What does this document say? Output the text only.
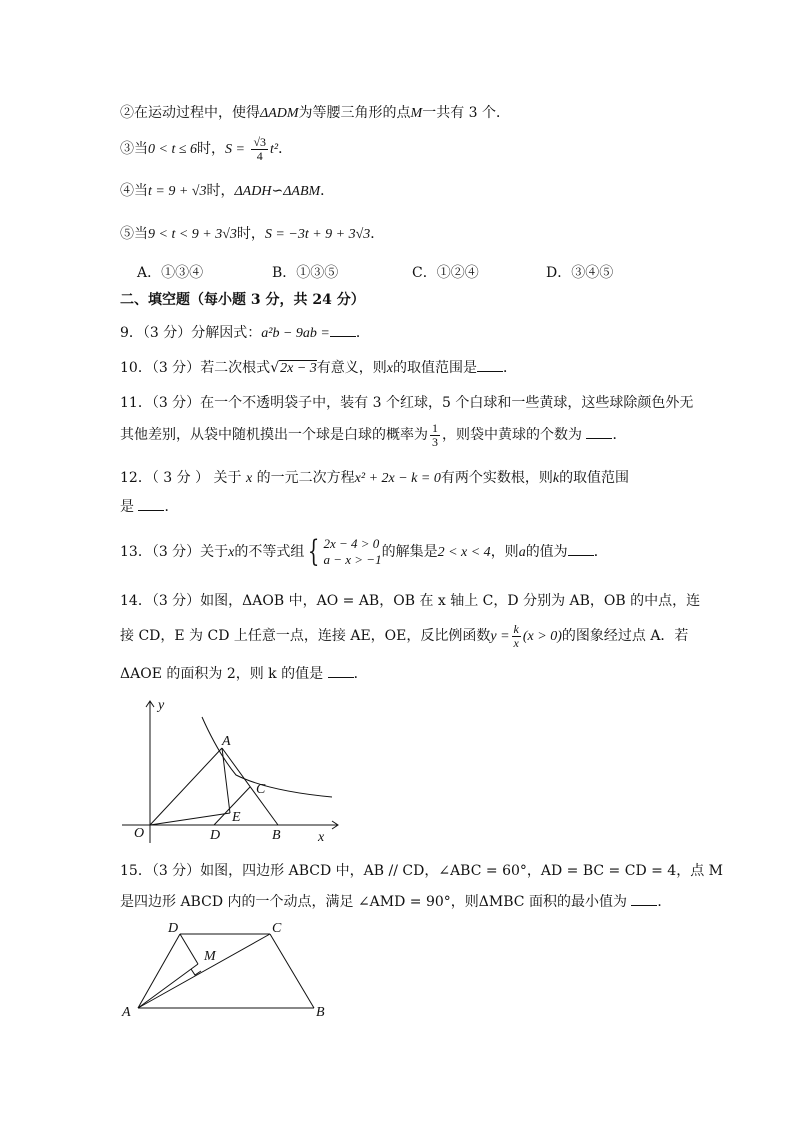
②在运动过程中，使得ΔADM为等腰三角形的点M一共有 3 个．
③当0 < t ≤ 6时，$S = \frac{√3}{4} t^2$．
④当t = 9 + √3时，ΔADH∽ΔABM．
⑤当9 < t < 9 + 3√3时，S = −3t + 9 + 3√3．
A．①③④	B．①③⑤	C．①②④	D．③④⑤
二、填空题（每小题 3 分，共 24 分）
9．（3 分）分解因式：a²b − 9ab = ．
10．（3 分）若二次根式√2x − 3有意义，则x的取值范围是 ．
11．（3 分）在一个不透明袋子中，装有 3 个红球，5 个白球和一些黄球，这些球除颜色外无
其他差别，从袋中随机摸出一个球是白球的概率为 $\frac{1}{3}$ ，则袋中黄球的个数为 ．
12．（ 3 分 ） 关于 x 的一元二次方程x² + 2x − k = 0有两个实数根，则k的取值范围
是 ．
13．（3 分）关于x的不等式组 { 2x − 4 > 0
a − x > −1 的解集是2 < x < 4，则a的值为 ．
14．（3 分）如图，ΔAOB 中，AO = AB，OB 在 x 轴上 C，D 分别为 AB，OB 的中点，连
接 CD，E 为 CD 上任意一点，连接 AE，OE，反比例函数$y = \frac{k}{x} (x > 0)$的图象经过点 A．若
ΔAOE 的面积为 2，则 k 的值是 ．
y
A
C
E
O	D	B	x
15．（3 分）如图，四边形 ABCD 中，AB // CD，∠ABC = 60°，AD = BC = CD = 4，点 M
是四边形 ABCD 内的一个动点，满足 ∠AMD = 90°，则ΔMBC 面积的最小值为 ．
D	C
M
A	B
